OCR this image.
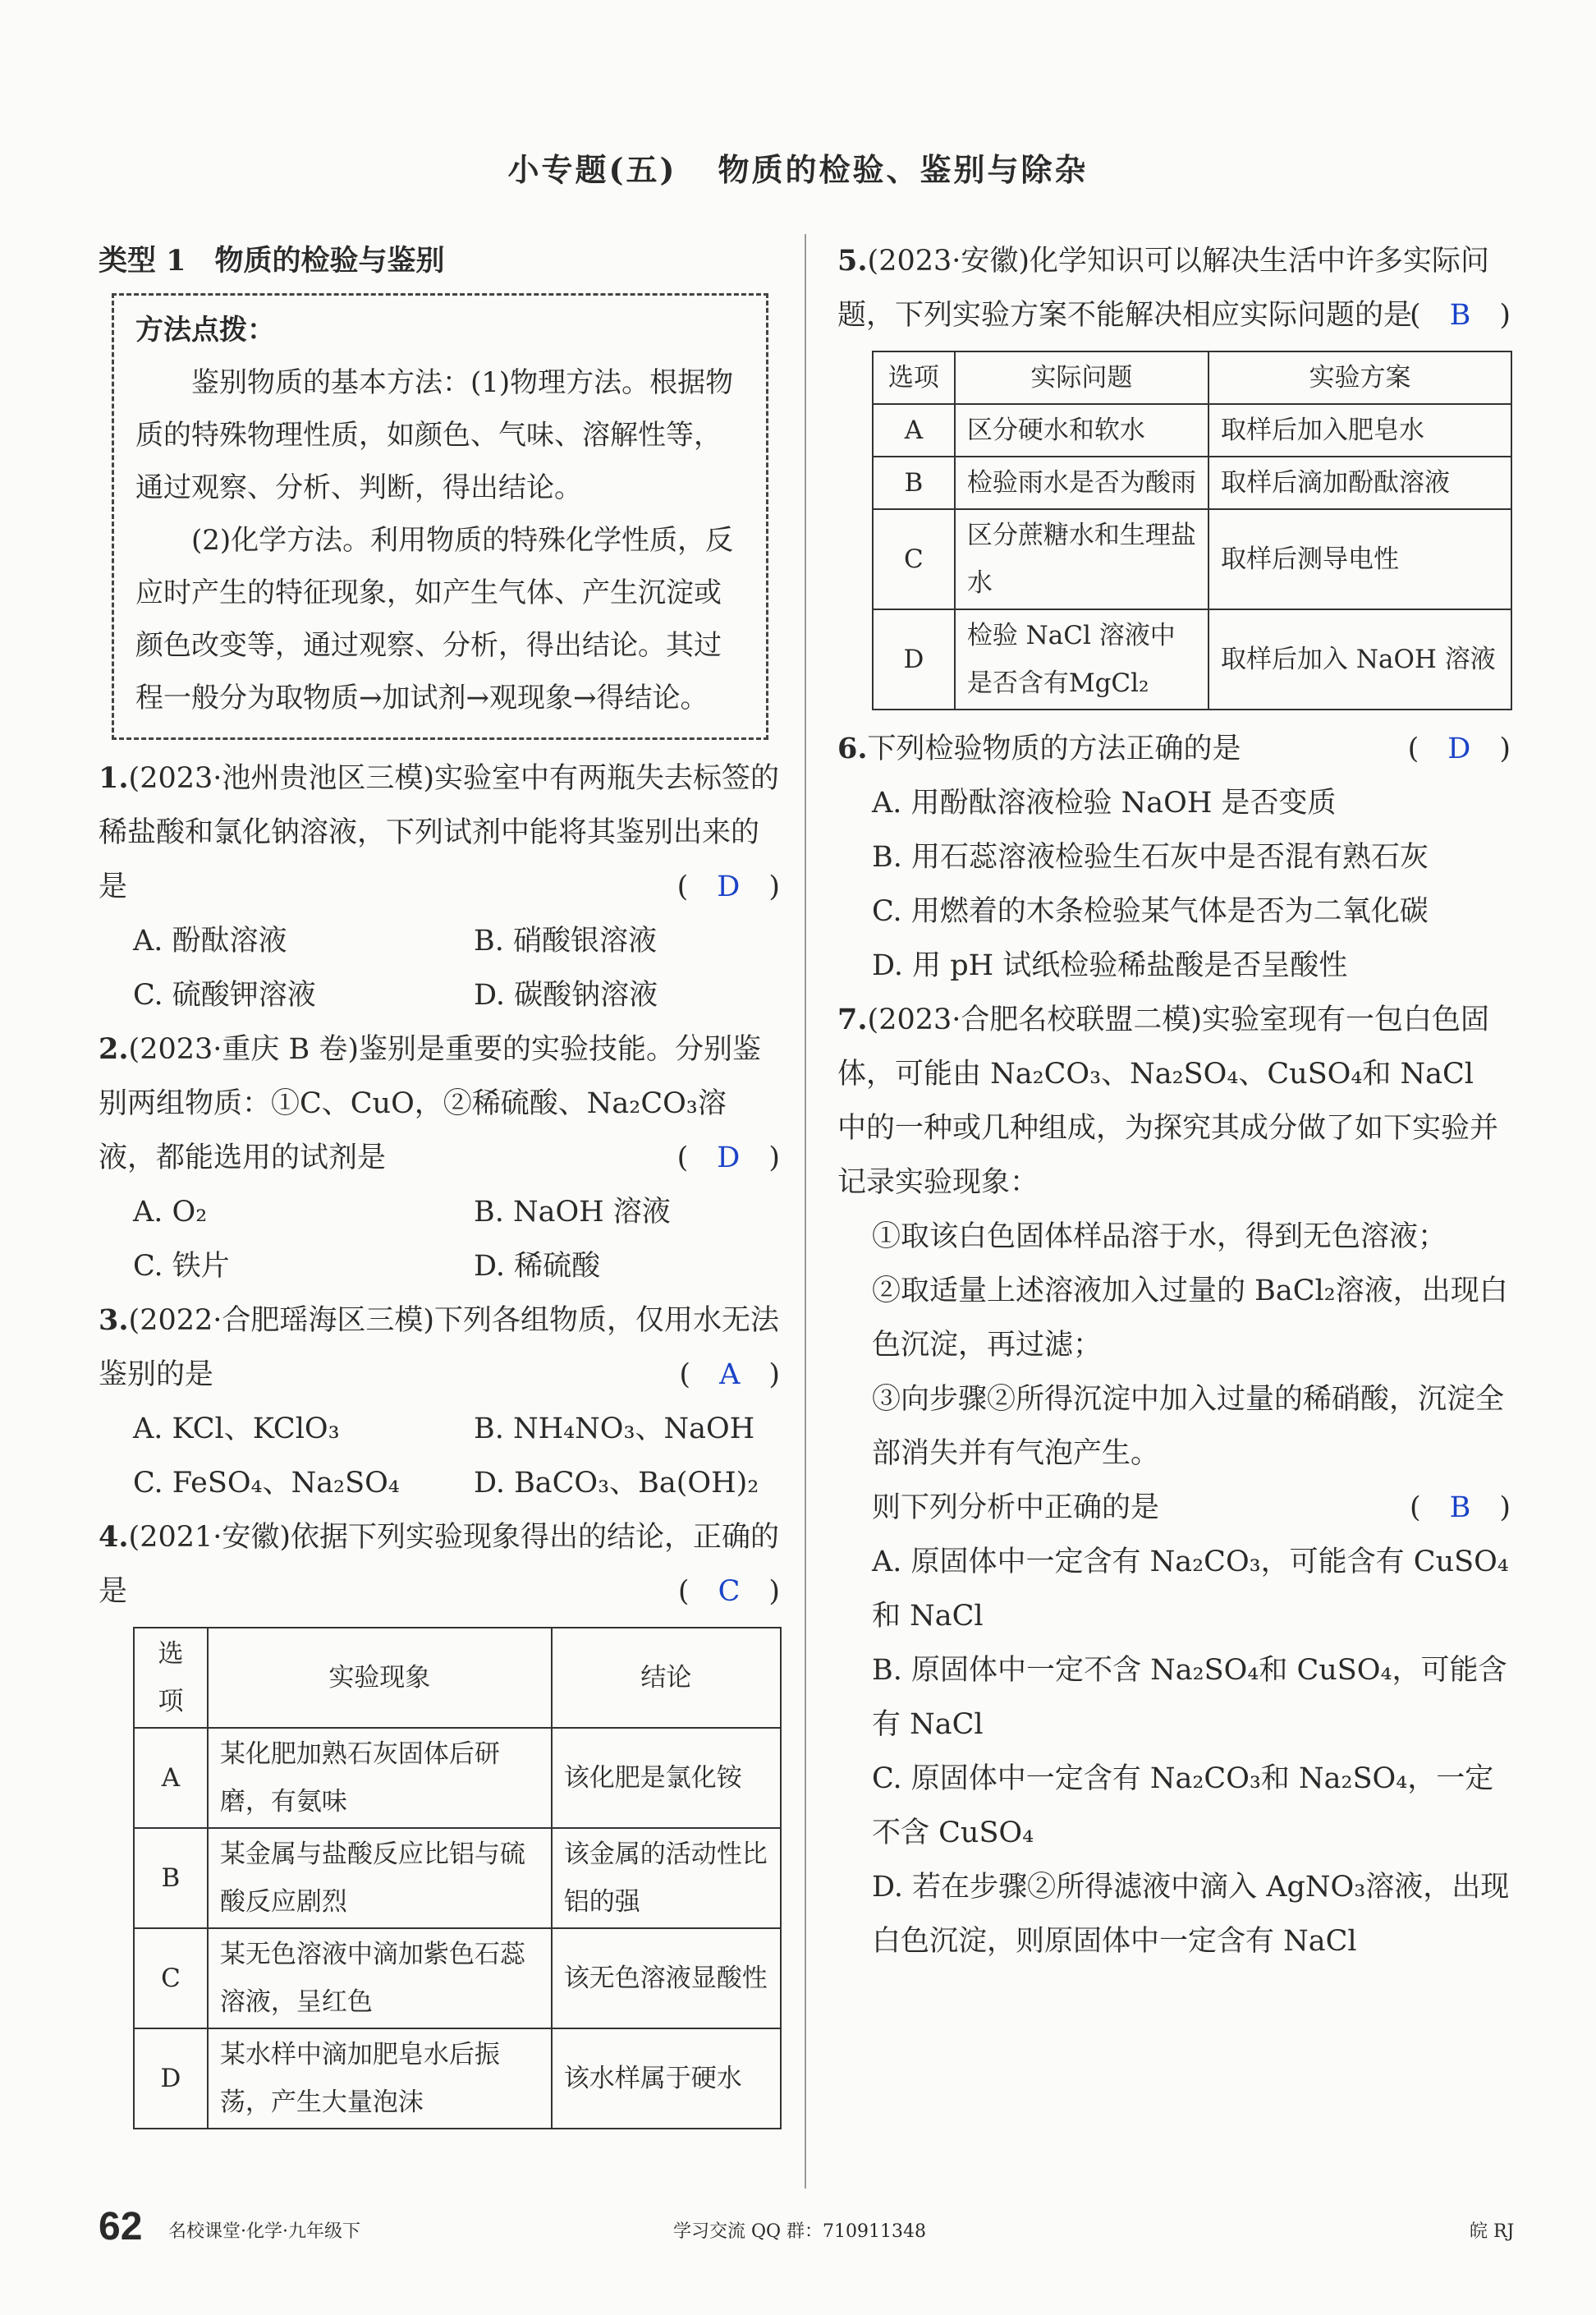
小专题(五) 物质的检验、鉴别与除杂

类型 1　物质的检验与鉴别

方法点拨：

鉴别物质的基本方法：(1)物理方法。根据物质的特殊物理性质，如颜色、气味、溶解性等，通过观察、分析、判断，得出结论。

(2)化学方法。利用物质的特殊化学性质，反应时产生的特征现象，如产生气体、产生沉淀或颜色改变等，通过观察、分析，得出结论。其过程一般分为取物质→加试剂→观现象→得结论。

1.(2023·池州贵池区三模)实验室中有两瓶失去标签的稀盐酸和氯化钠溶液，下列试剂中能将其鉴别出来的是	(　D　)
A. 酚酞溶液	B. 硝酸银溶液
C. 硫酸钾溶液	D. 碳酸钠溶液

2.(2023·重庆 B 卷)鉴别是重要的实验技能。分别鉴别两组物质：①C、CuO，②稀硫酸、Na₂CO₃溶液，都能选用的试剂是	(　D　)
A. O₂	B. NaOH 溶液
C. 铁片	D. 稀硫酸

3.(2022·合肥瑶海区三模)下列各组物质，仅用水无法鉴别的是	(　A　)
A. KCl、KClO₃	B. NH₄NO₃、NaOH
C. FeSO₄、Na₂SO₄	D. BaCO₃、Ba(OH)₂

4.(2021·安徽)依据下列实验现象得出的结论，正确的是	(　C　)
选项	实验现象	结论
A	某化肥加熟石灰固体后研磨，有氨味	该化肥是氯化铵
B	某金属与盐酸反应比铝与硫酸反应剧烈	该金属的活动性比铝的强
C	某无色溶液中滴加紫色石蕊溶液，呈红色	该无色溶液显酸性
D	某水样中滴加肥皂水后振荡，产生大量泡沫	该水样属于硬水

5.(2023·安徽)化学知识可以解决生活中许多实际问题，下列实验方案不能解决相应实际问题的是

(　B　)
选项	实际问题	实验方案
A	区分硬水和软水	取样后加入肥皂水
B	检验雨水是否为酸雨	取样后滴加酚酞溶液
C	区分蔗糖水和生理盐水	取样后测导电性
D	检验 NaCl 溶液中是否含有MgCl₂	取样后加入 NaOH 溶液

6.下列检验物质的方法正确的是	(　D　)

A. 用酚酞溶液检验 NaOH 是否变质

B. 用石蕊溶液检验生石灰中是否混有熟石灰

C. 用燃着的木条检验某气体是否为二氧化碳

D. 用 pH 试纸检验稀盐酸是否呈酸性

7.(2023·合肥名校联盟二模)实验室现有一包白色固体，可能由 Na₂CO₃、Na₂SO₄、CuSO₄和 NaCl 中的一种或几种组成，为探究其成分做了如下实验并记录实验现象：

①取该白色固体样品溶于水，得到无色溶液；

②取适量上述溶液加入过量的 BaCl₂溶液，出现白色沉淀，再过滤；

③向步骤②所得沉淀中加入过量的稀硝酸，沉淀全部消失并有气泡产生。

则下列分析中正确的是	(　B　)

A. 原固体中一定含有 Na₂CO₃，可能含有 CuSO₄和 NaCl

B. 原固体中一定不含 Na₂SO₄和 CuSO₄，可能含有 NaCl

C. 原固体中一定含有 Na₂CO₃和 Na₂SO₄，一定不含 CuSO₄

D. 若在步骤②所得滤液中滴入 AgNO₃溶液，出现白色沉淀，则原固体中一定含有 NaCl

62 名校课堂·化学·九年级下	学习交流 QQ 群：710911348	皖 RJ
